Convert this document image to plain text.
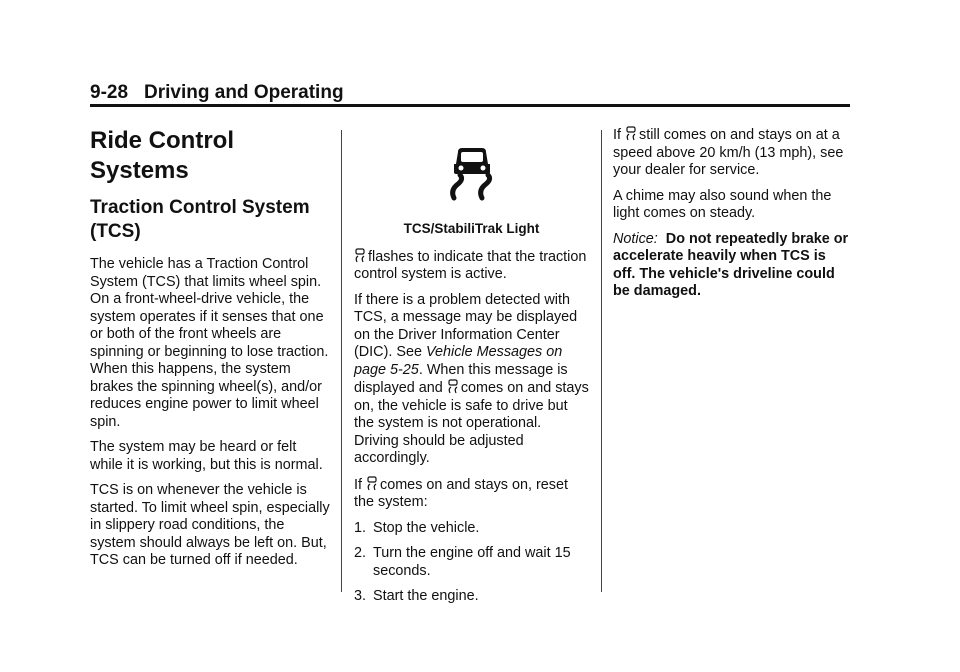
9-28 Driving and Operating
Ride Control Systems
Traction Control System (TCS)

The vehicle has a Traction Control System (TCS) that limits wheel spin. On a front-wheel-drive vehicle, the system operates if it senses that one or both of the front wheels are spinning or beginning to lose traction. When this happens, the system brakes the spinning wheel(s), and/or reduces engine power to limit wheel spin.

The system may be heard or felt while it is working, but this is normal.

TCS is on whenever the vehicle is started. To limit wheel spin, especially in slippery road conditions, the system should always be left on. But, TCS can be turned off if needed.

TCS/StabiliTrak Light

flashes to indicate that the traction control system is active.

If there is a problem detected with TCS, a message may be displayed on the Driver Information Center (DIC). See Vehicle Messages on page 5-25. When this message is displayed and comes on and stays on, the vehicle is safe to drive but the system is not operational. Driving should be adjusted accordingly.

If comes on and stays on, reset the system:

1. Stop the vehicle.
2. Turn the engine off and wait 15 seconds.
3. Start the engine.

If still comes on and stays on at a speed above 20 km/h (13 mph), see your dealer for service.

A chime may also sound when the light comes on steady.

Notice: Do not repeatedly brake or accelerate heavily when TCS is off. The vehicle's driveline could be damaged.
